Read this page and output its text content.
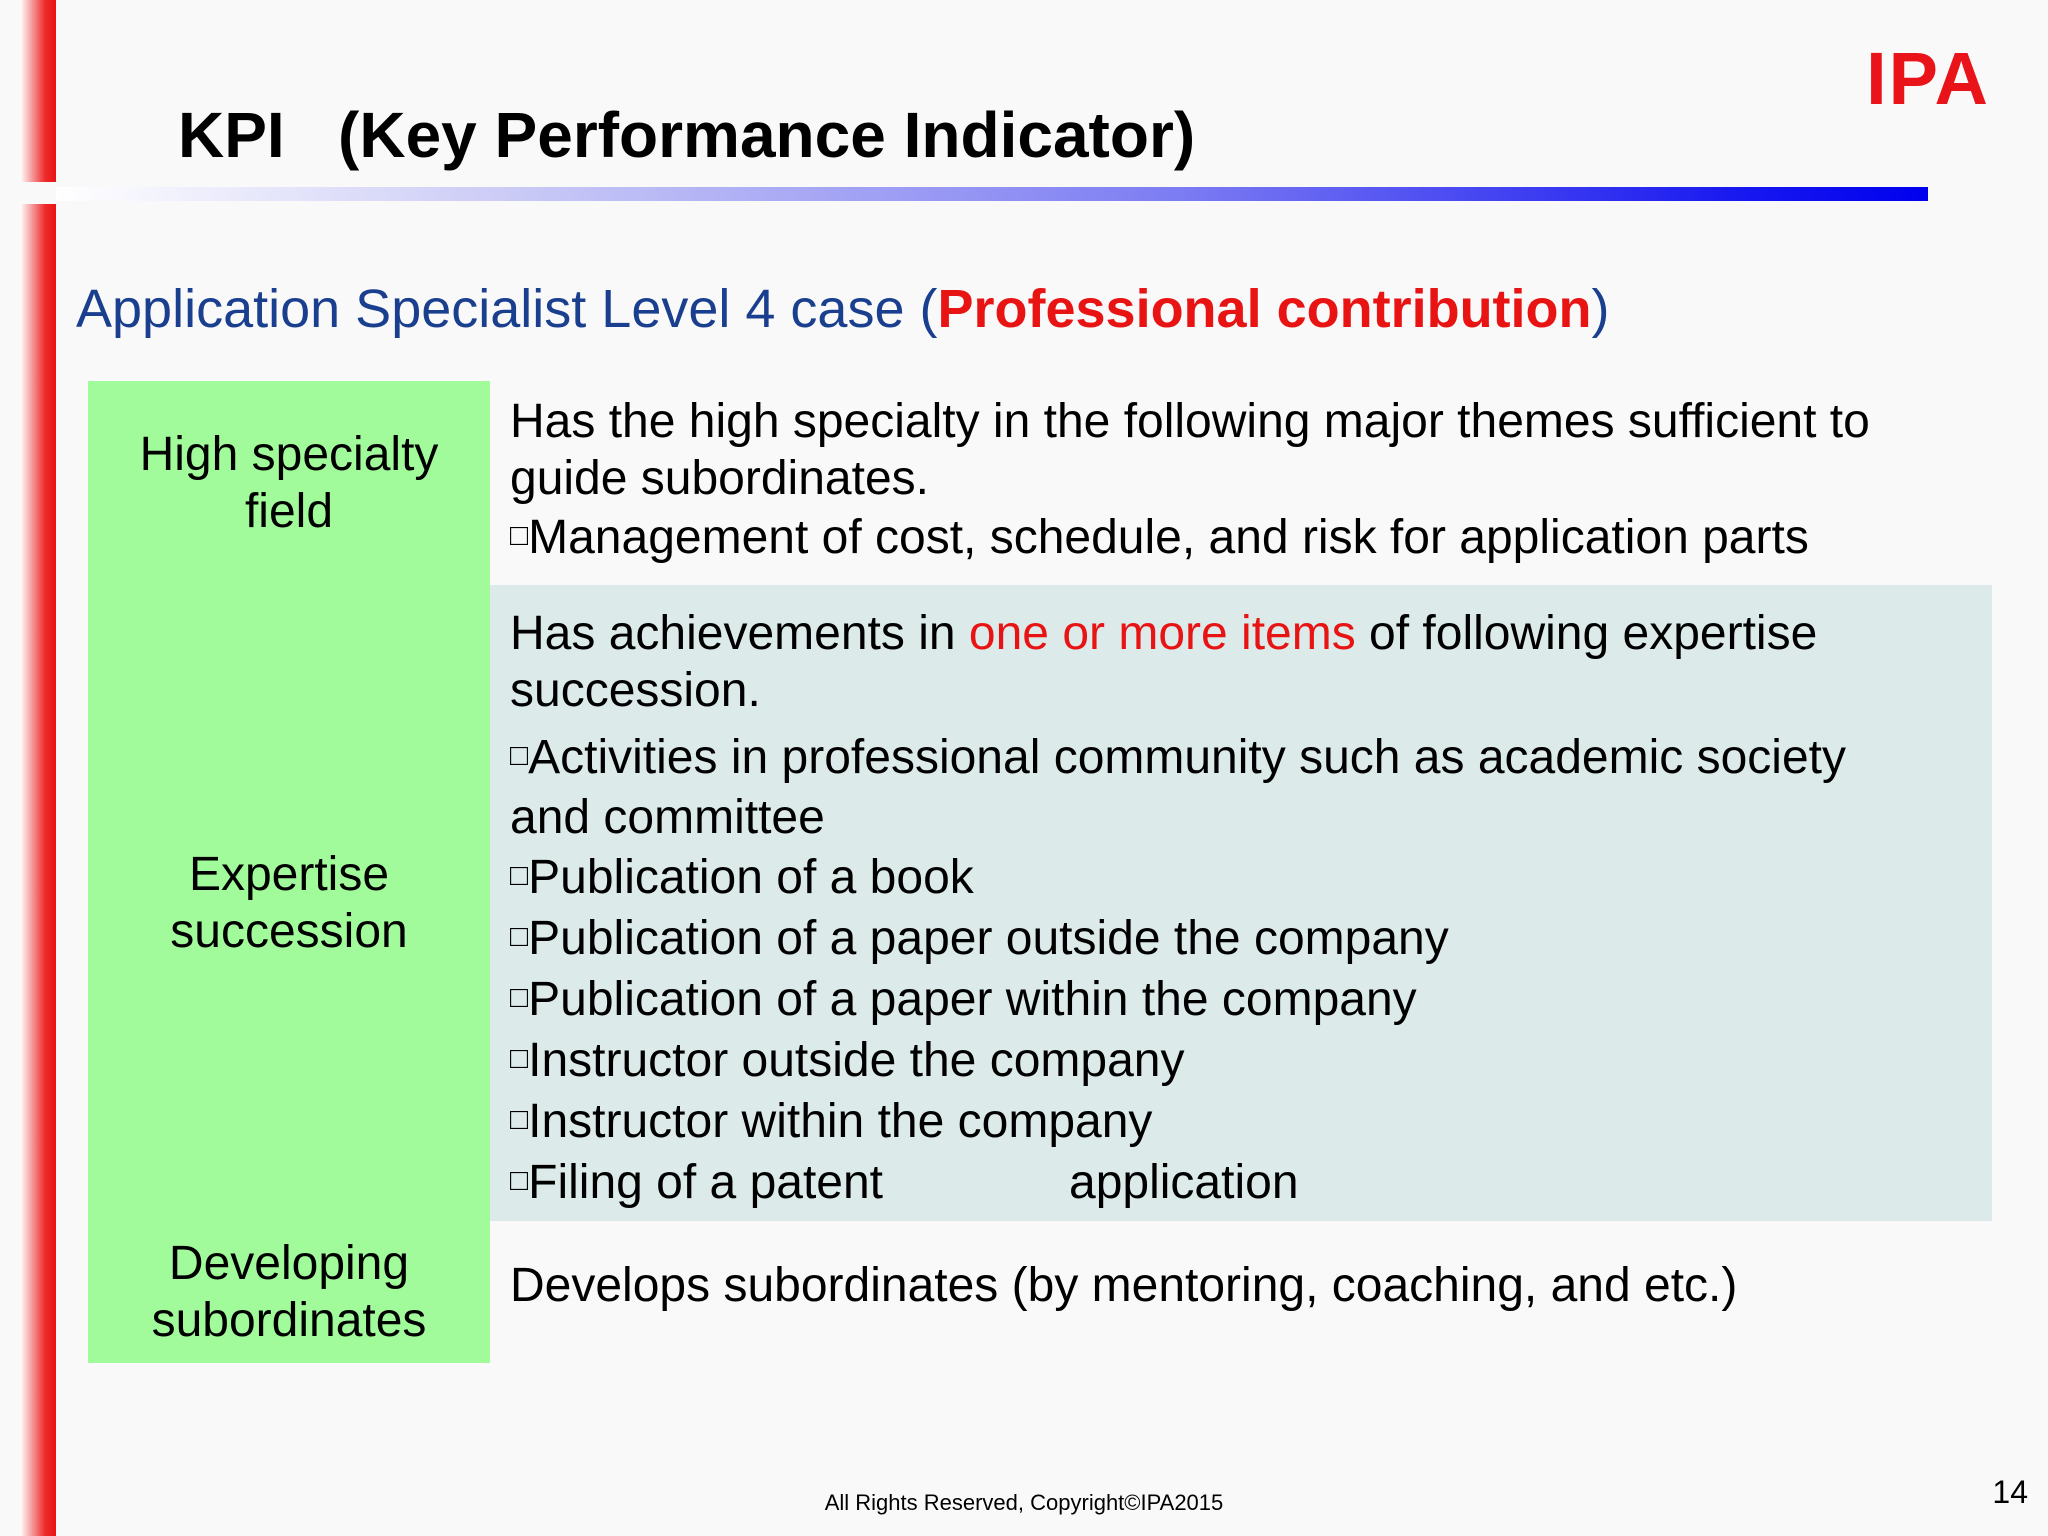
IPA
KPI   (Key Performance Indicator)
Application Specialist Level 4 case (Professional contribution)
High specialty
field
Has the high specialty in the following major themes sufficient to
guide subordinates.
□Management of cost, schedule, and risk for application parts
Expertise
succession
Has achievements in one or more items of following expertise
succession.
□Activities in professional community such as academic society
and committee
□Publication of a book
□Publication of a paper outside the company
□Publication of a paper within the company
□Instructor outside the company
□Instructor within the company
□Filing of a patent	application
Developing
subordinates
Develops subordinates (by mentoring, coaching, and etc.)
All Rights Reserved, Copyright©IPA2015	14
